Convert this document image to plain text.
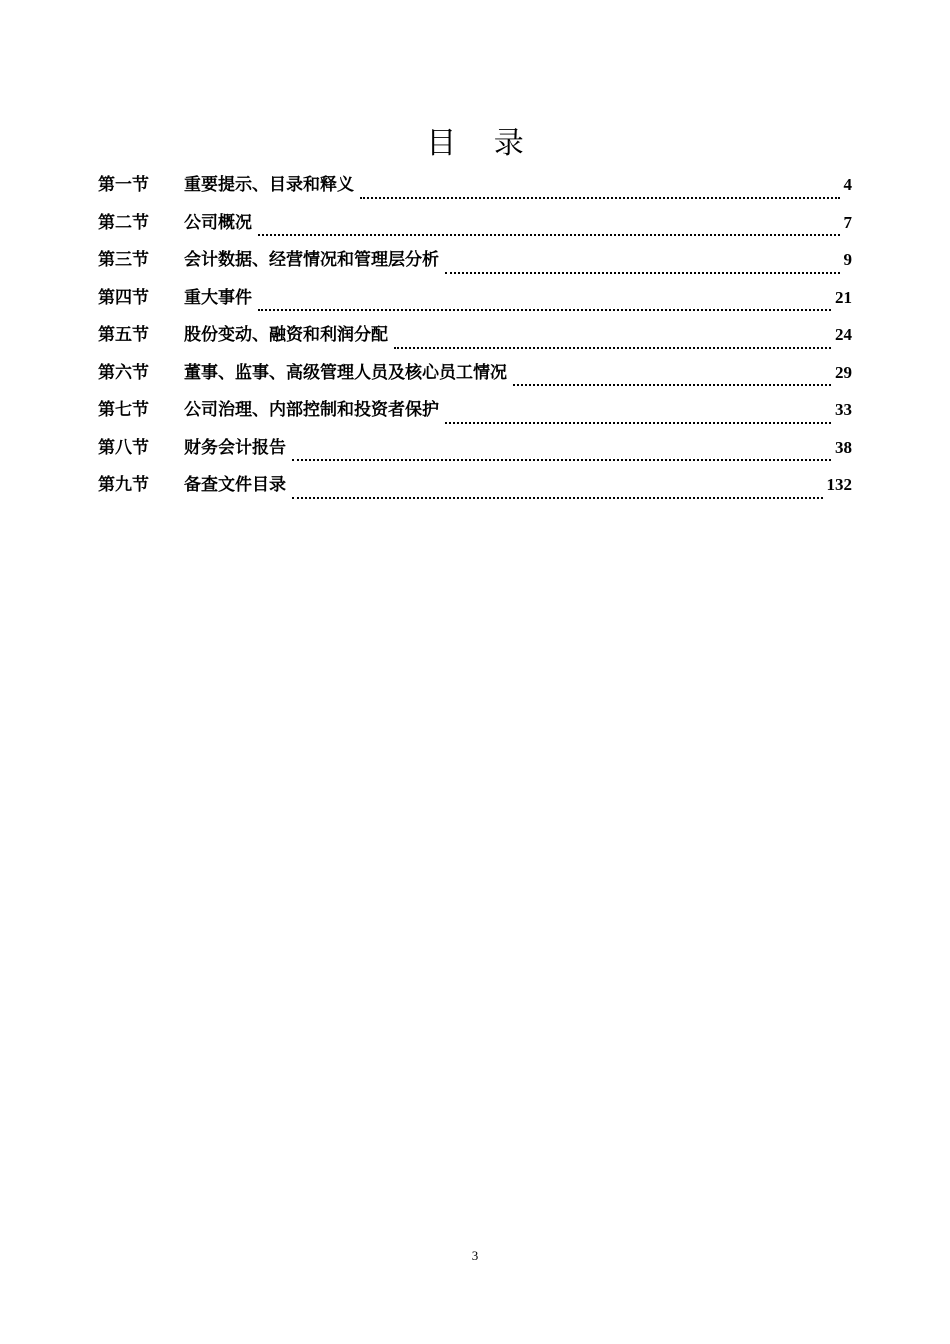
目 录
第一节	重要提示、目录和释义	4
第二节	公司概况	7
第三节	会计数据、经营情况和管理层分析	9
第四节	重大事件	21
第五节	股份变动、融资和利润分配	24
第六节	董事、监事、高级管理人员及核心员工情况	29
第七节	公司治理、内部控制和投资者保护	33
第八节	财务会计报告	38
第九节	备查文件目录	132
3
